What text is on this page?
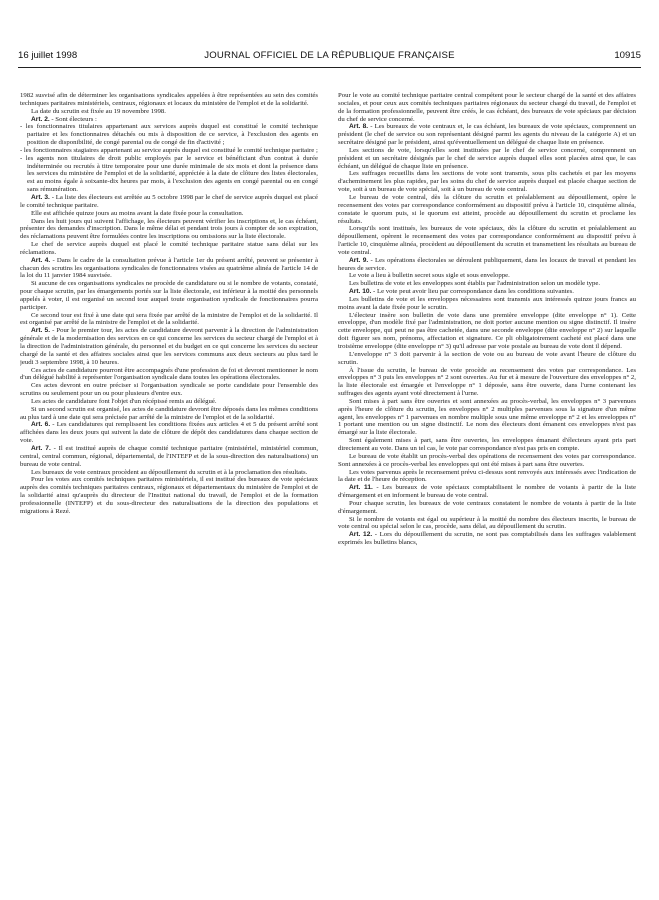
16 juillet 1998	JOURNAL OFFICIEL DE LA RÉPUBLIQUE FRANÇAISE	10915

1982 susvisé afin de déterminer les organisations syndicales appelées à être représentées au sein des comités techniques paritaires ministériels, centraux, régionaux et locaux du ministère de l'emploi et de la solidarité.

La date du scrutin est fixée au 19 novembre 1998.

Art. 2. - Sont électeurs :

- les fonctionnaires titulaires appartenant aux services auprès duquel est constitué le comité technique paritaire et les fonctionnaires détachés ou mis à disposition de ce service, à l'exclusion des agents en position de disponibilité, de congé parental ou de congé de fin d'activité ;

- les fonctionnaires stagiaires appartenant au service auprès duquel est constitué le comité technique paritaire ;

- les agents non titulaires de droit public employés par le service et bénéficiant d'un contrat à durée indéterminée ou recrutés à titre temporaire pour une durée minimale de six mois et dont la présence dans les services du ministère de l'emploi et de la solidarité, appréciée à la date de clôture des listes électorales, est au moins égale à soixante-dix heures par mois, à l'exclusion des agents en congé parental ou en congé sans rémunération.

Art. 3. - La liste des électeurs est arrêtée au 5 octobre 1998 par le chef de service auprès duquel est placé le comité technique paritaire.

Elle est affichée quinze jours au moins avant la date fixée pour la consultation.

Dans les huit jours qui suivent l'affichage, les électeurs peuvent vérifier les inscriptions et, le cas échéant, présenter des demandes d'inscription. Dans le même délai et pendant trois jours à compter de son expiration, des réclamations peuvent être formulées contre les inscriptions ou omissions sur la liste électorale.

Le chef de service auprès duquel est placé le comité technique paritaire statue sans délai sur les réclamations.

Art. 4. - Dans le cadre de la consultation prévue à l'article 1er du présent arrêté, peuvent se présenter à chacun des scrutins les organisations syndicales de fonctionnaires visées au quatrième alinéa de l'article 14 de la loi du 11 janvier 1984 susvisée.

Si aucune de ces organisations syndicales ne procède de candidature ou si le nombre de votants, constaté, pour chaque scrutin, par les émargements portés sur la liste électorale, est inférieur à la moitié des personnels appelés à voter, il est organisé un second tour auquel toute organisation syndicale de fonctionnaires pourra participer.

Ce second tour est fixé à une date qui sera fixée par arrêté de la ministre de l'emploi et de la solidarité. Il est organisé par arrêté de la ministre de l'emploi et de la solidarité.

Art. 5. - Pour le premier tour, les actes de candidature devront parvenir à la direction de l'administration générale et de la modernisation des services en ce qui concerne les services du secteur chargé de l'emploi et à la direction de l'administration générale, du personnel et du budget en ce qui concerne les services du secteur chargé de la santé et des affaires sociales ainsi que les services communs aux deux secteurs au plus tard le jeudi 3 septembre 1998, à 10 heures.

Ces actes de candidature pourront être accompagnés d'une profession de foi et devront mentionner le nom d'un délégué habilité à représenter l'organisation syndicale dans toutes les opérations électorales.

Ces actes devront en outre préciser si l'organisation syndicale se porte candidate pour l'ensemble des scrutins ou seulement pour un ou pour plusieurs d'entre eux.

Les actes de candidature font l'objet d'un récépissé remis au délégué.

Si un second scrutin est organisé, les actes de candidature devront être déposés dans les mêmes conditions au plus tard à une date qui sera précisée par arrêté de la ministre de l'emploi et de la solidarité.

Art. 6. - Les candidatures qui remplissent les conditions fixées aux articles 4 et 5 du présent arrêté sont affichées dans les deux jours qui suivent la date de clôture de dépôt des candidatures dans chaque section de vote.

Art. 7. - Il est institué auprès de chaque comité technique paritaire (ministériel, ministériel commun, central, central commun, régional, départemental, de l'INTEFP et de la sous-direction des naturalisations) un bureau de vote central.

Les bureaux de vote centraux procèdent au dépouillement du scrutin et à la proclamation des résultats.

Pour les votes aux comités techniques paritaires ministériels, il est institué des bureaux de vote spéciaux auprès des comités techniques paritaires centraux, régionaux et départementaux du ministère de l'emploi et de la solidarité ainsi qu'auprès du directeur de l'Institut national du travail, de l'emploi et de la formation professionnelle (INTEFP) et du sous-directeur des naturalisations de la direction des populations et migrations à Rezé.

Pour le vote au comité technique paritaire central compétent pour le secteur chargé de la santé et des affaires sociales, et pour ceux aux comités techniques paritaires régionaux du secteur chargé du travail, de l'emploi et de la formation professionnelle, peuvent être créés, le cas échéant, des bureaux de vote spéciaux par décision du chef de service concerné.

Art. 8. - Les bureaux de vote centraux et, le cas échéant, les bureaux de vote spéciaux, comprennent un président (le chef de service ou son représentant désigné parmi les agents du niveau de la catégorie A) et un secrétaire désigné par le président, ainsi qu'éventuellement un délégué de chaque liste en présence.

Les sections de vote, lorsqu'elles sont instituées par le chef de service concerné, comprennent un président et un secrétaire désignés par le chef de service auprès duquel elles sont placées ainsi que, le cas échéant, un délégué de chaque liste en présence.

Les suffrages recueillis dans les sections de vote sont transmis, sous plis cachetés et par les moyens d'acheminement les plus rapides, par les soins du chef de service auprès duquel est placée chaque section de vote, soit à un bureau de vote spécial, soit à un bureau de vote central.

Le bureau de vote central, dès la clôture du scrutin et préalablement au dépouillement, opère le recensement des votes par correspondance conformément au dispositif prévu à l'article 10, cinquième alinéa, constate le quorum puis, si le quorum est atteint, procède au dépouillement du scrutin et proclame les résultats.

Lorsqu'ils sont institués, les bureaux de vote spéciaux, dès la clôture du scrutin et préalablement au dépouillement, opèrent le recensement des votes par correspondance conformément au dispositif prévu à l'article 10, cinquième alinéa, procèdent au dépouillement du scrutin et transmettent les résultats au bureau de vote central.

Art. 9. - Les opérations électorales se déroulent publiquement, dans les locaux de travail et pendant les heures de service.

Le vote a lieu à bulletin secret sous sigle et sous enveloppe.

Les bulletins de vote et les enveloppes sont établis par l'administration selon un modèle type.

Art. 10. - Le vote peut avoir lieu par correspondance dans les conditions suivantes.

Les bulletins de vote et les enveloppes nécessaires sont transmis aux intéressés quinze jours francs au moins avant la date fixée pour le scrutin.

L'électeur insère son bulletin de vote dans une première enveloppe (dite enveloppe n° 1). Cette enveloppe, d'un modèle fixé par l'administration, ne doit porter aucune mention ou signe distinctif. Il insère cette enveloppe, qui peut ne pas être cachetée, dans une seconde enveloppe (dite enveloppe n° 2) sur laquelle doit figurer ses nom, prénoms, affectation et signature. Ce pli obligatoirement cacheté est placé dans une troisième enveloppe (dite enveloppe n° 3) qu'il adresse par voie postale au bureau de vote dont il dépend.

L'enveloppe n° 3 doit parvenir à la section de vote ou au bureau de vote avant l'heure de clôture du scrutin.

À l'issue du scrutin, le bureau de vote procède au recensement des votes par correspondance. Les enveloppes n° 3 puis les enveloppes n° 2 sont ouvertes. Au fur et à mesure de l'ouverture des enveloppes n° 2, la liste électorale est émargée et l'enveloppe n° 1 déposée, sans être ouverte, dans l'urne contenant les suffrages des agents ayant voté directement à l'urne.

Sont mises à part sans être ouvertes et sont annexées au procès-verbal, les enveloppes n° 3 parvenues après l'heure de clôture du scrutin, les enveloppes n° 2 multiples parvenues sous la signature d'un même agent, les enveloppes n° 1 parvenues en nombre multiple sous une même enveloppe n° 2 et les enveloppes n° 1 portant une mention ou un signe distinctif. Le nom des électeurs dont émanent ces enveloppes n'est pas émargé sur la liste électorale.

Sont également mises à part, sans être ouvertes, les enveloppes émanant d'électeurs ayant pris part directement au vote. Dans un tel cas, le vote par correspondance n'est pas pris en compte.

Le bureau de vote établit un procès-verbal des opérations de recensement des votes par correspondance. Sont annexées à ce procès-verbal les enveloppes qui ont été mises à part sans être ouvertes.

Les votes parvenus après le recensement prévu ci-dessus sont renvoyés aux intéressés avec l'indication de la date et de l'heure de réception.

Art. 11. - Les bureaux de vote spéciaux comptabilisent le nombre de votants à partir de la liste d'émargement et en informent le bureau de vote central.

Pour chaque scrutin, les bureaux de vote centraux constatent le nombre de votants à partir de la liste d'émargement.

Si le nombre de votants est égal ou supérieur à la moitié du nombre des électeurs inscrits, le bureau de vote central ou spécial selon le cas, procède, sans délai, au dépouillement du scrutin.

Art. 12. - Lors du dépouillement du scrutin, ne sont pas comptabilisés dans les suffrages valablement exprimés les bulletins blancs,
